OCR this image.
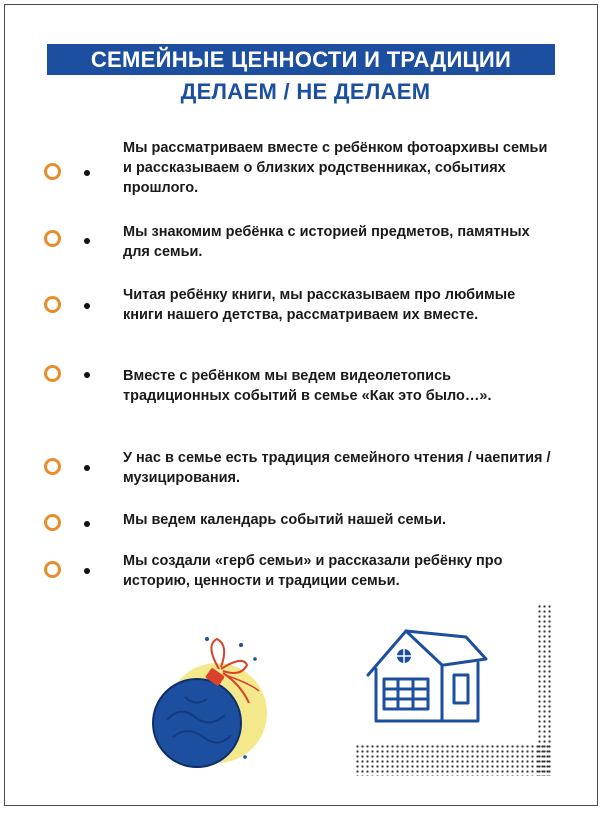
СЕМЕЙНЫЕ ЦЕННОСТИ И ТРАДИЦИИ
ДЕЛАЕМ / НЕ ДЕЛАЕМ
Мы рассматриваем вместе с ребёнком фотоархивы семьи и рассказываем о близких родственниках, событиях прошлого.
Мы знакомим ребёнка с историей предметов, памятных для семьи.
Читая ребёнку книги, мы рассказываем про любимые книги нашего детства, рассматриваем их вместе.
Вместе с ребёнком мы ведем видеолетопись традиционных событий в семье «Как это было…».
У нас в семье есть традиция семейного чтения / чаепития / музицирования.
Мы ведем календарь событий нашей семьи.
Мы создали «герб семьи» и рассказали ребёнку про историю, ценности и традиции семьи.
